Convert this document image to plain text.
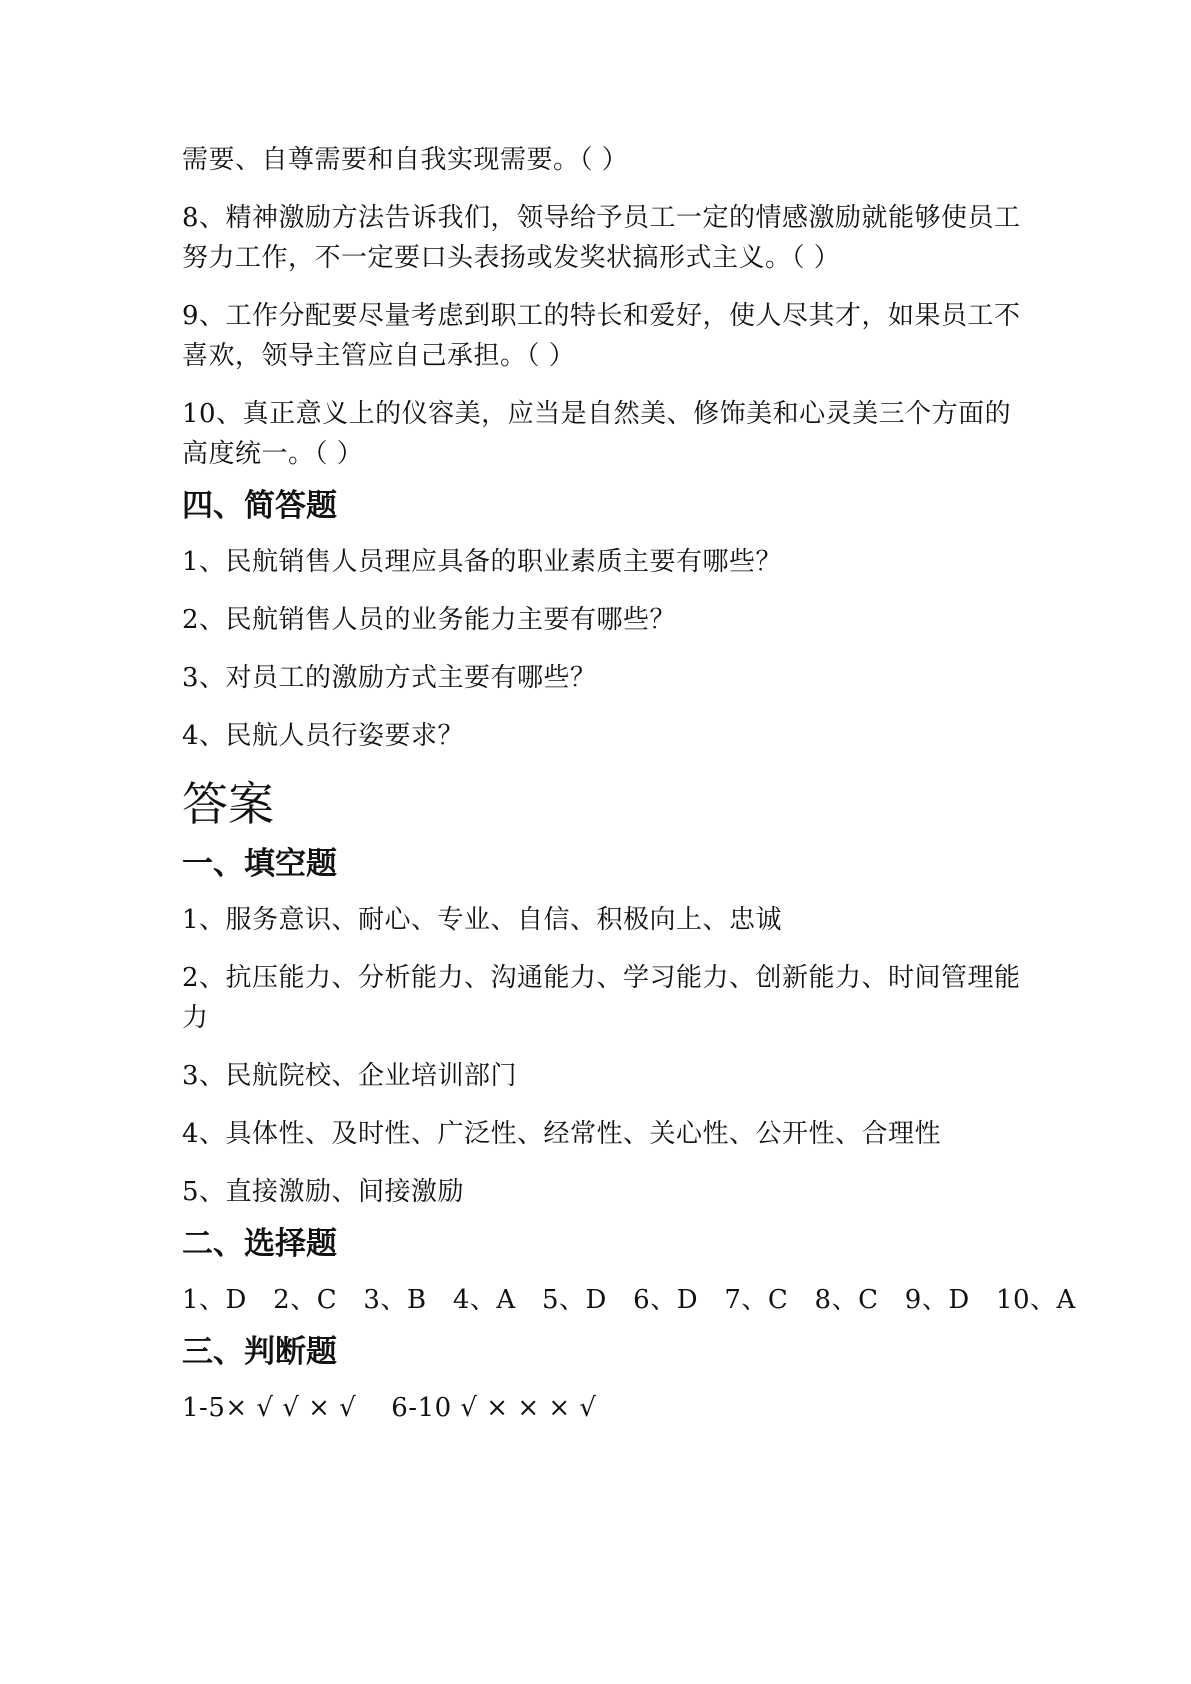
需要、自尊需要和自我实现需要。（ ）

8、精神激励方法告诉我们，领导给予员工一定的情感激励就能够使员工努力工作，不一定要口头表扬或发奖状搞形式主义。（ ）

9、工作分配要尽量考虑到职工的特长和爱好，使人尽其才，如果员工不喜欢，领导主管应自己承担。（ ）

10、真正意义上的仪容美，应当是自然美、修饰美和心灵美三个方面的高度统一。（ ）

四、简答题

1、民航销售人员理应具备的职业素质主要有哪些？

2、民航销售人员的业务能力主要有哪些？

3、对员工的激励方式主要有哪些？

4、民航人员行姿要求？

答案
一、填空题

1、服务意识、耐心、专业、自信、积极向上、忠诚

2、抗压能力、分析能力、沟通能力、学习能力、创新能力、时间管理能力

3、民航院校、企业培训部门

4、具体性、及时性、广泛性、经常性、关心性、公开性、合理性

5、直接激励、间接激励

二、选择题

1、D   2、C   3、B   4、A   5、D   6、D   7、C   8、C   9、D   10、A

三、判断题

1-5× √ √ × √    6-10 √ × × × √
